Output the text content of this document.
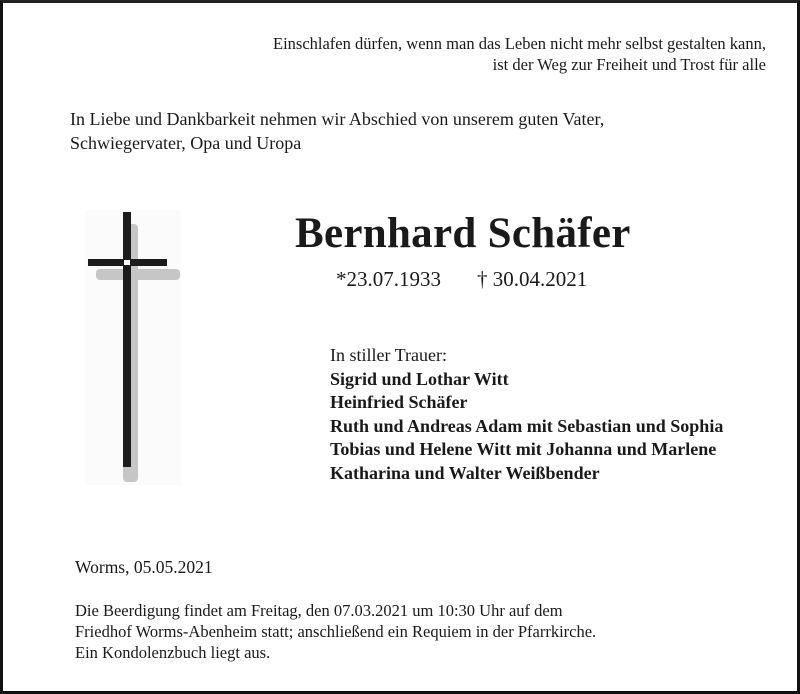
Einschlafen dürfen, wenn man das Leben nicht mehr selbst gestalten kann,
ist der Weg zur Freiheit und Trost für alle
In Liebe und Dankbarkeit nehmen wir Abschied von unserem guten Vater,
Schwiegervater, Opa und Uropa
Bernhard Schäfer
*23.07.1933 † 30.04.2021
In stiller Trauer:
Sigrid und Lothar Witt
Heinfried Schäfer
Ruth und Andreas Adam mit Sebastian und Sophia
Tobias und Helene Witt mit Johanna und Marlene
Katharina und Walter Weißbender
Worms, 05.05.2021
Die Beerdigung findet am Freitag, den 07.03.2021 um 10:30 Uhr auf dem
Friedhof Worms-Abenheim statt; anschließend ein Requiem in der Pfarrkirche.
Ein Kondolenzbuch liegt aus.
